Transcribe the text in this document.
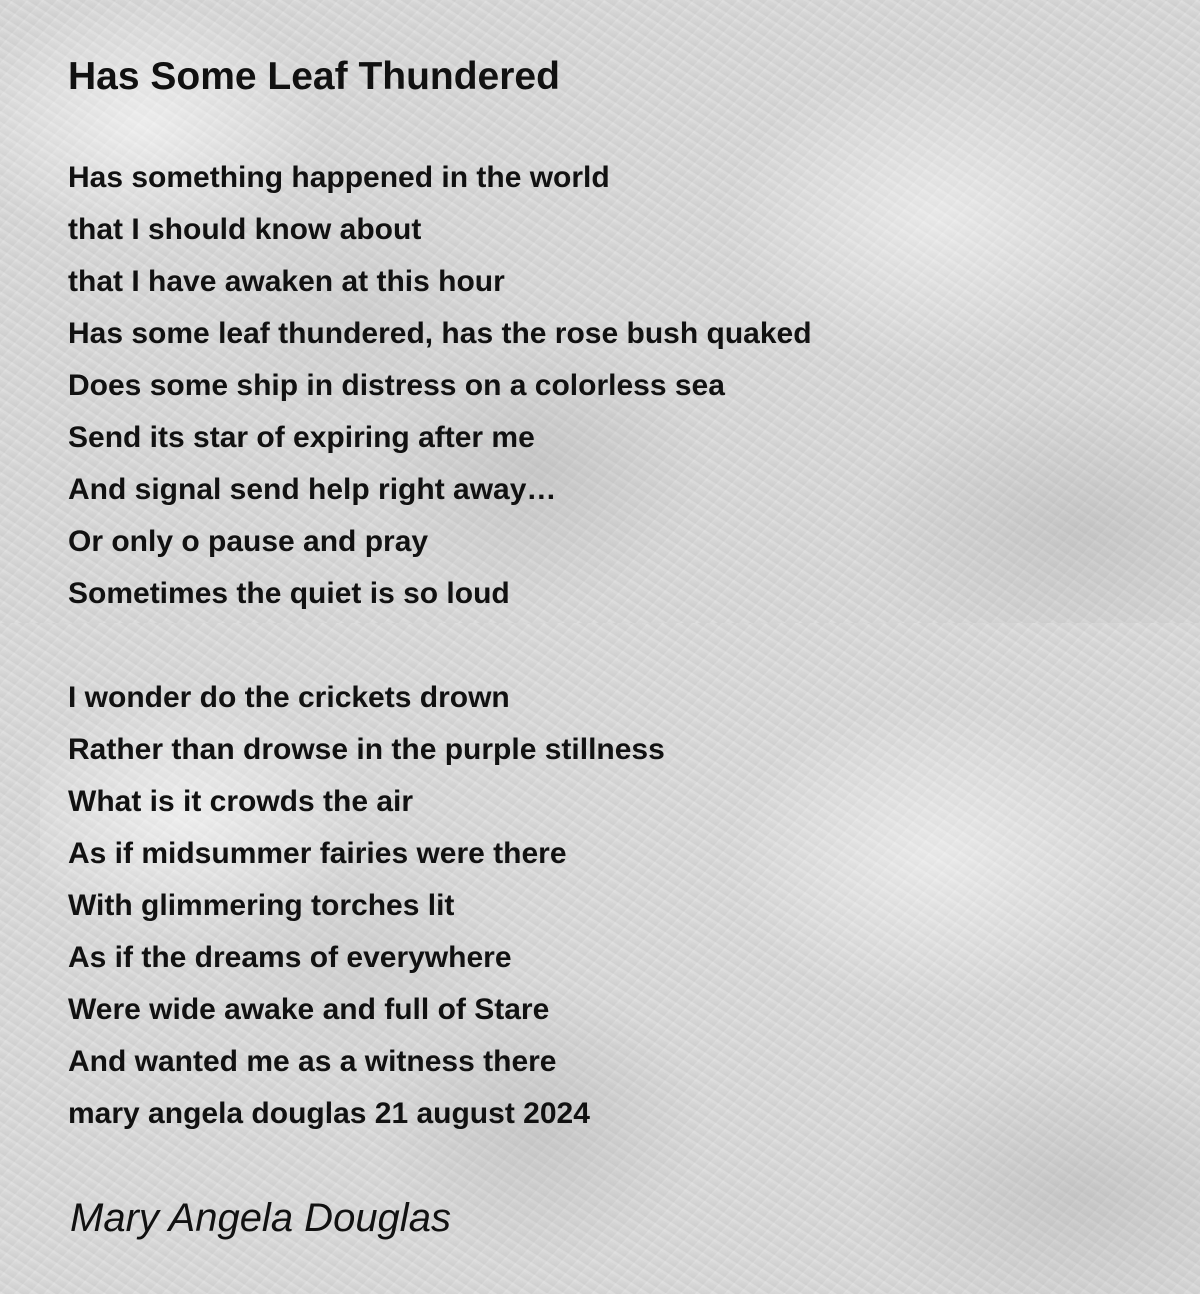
Has Some Leaf Thundered
Has something happened in the world
that I should know about
that I have awaken at this hour
Has some leaf thundered, has the rose bush quaked
Does some ship in distress on a colorless sea
Send its star of expiring after me
And signal send help right away…
Or only o pause and pray
Sometimes the quiet is so loud
I wonder do the crickets drown
Rather than drowse in the purple stillness
What is it crowds the air
As if midsummer fairies were there
With glimmering torches lit
As if the dreams of everywhere
Were wide awake and full of Stare
And wanted me as a witness there
mary angela douglas 21 august 2024

Mary Angela Douglas
